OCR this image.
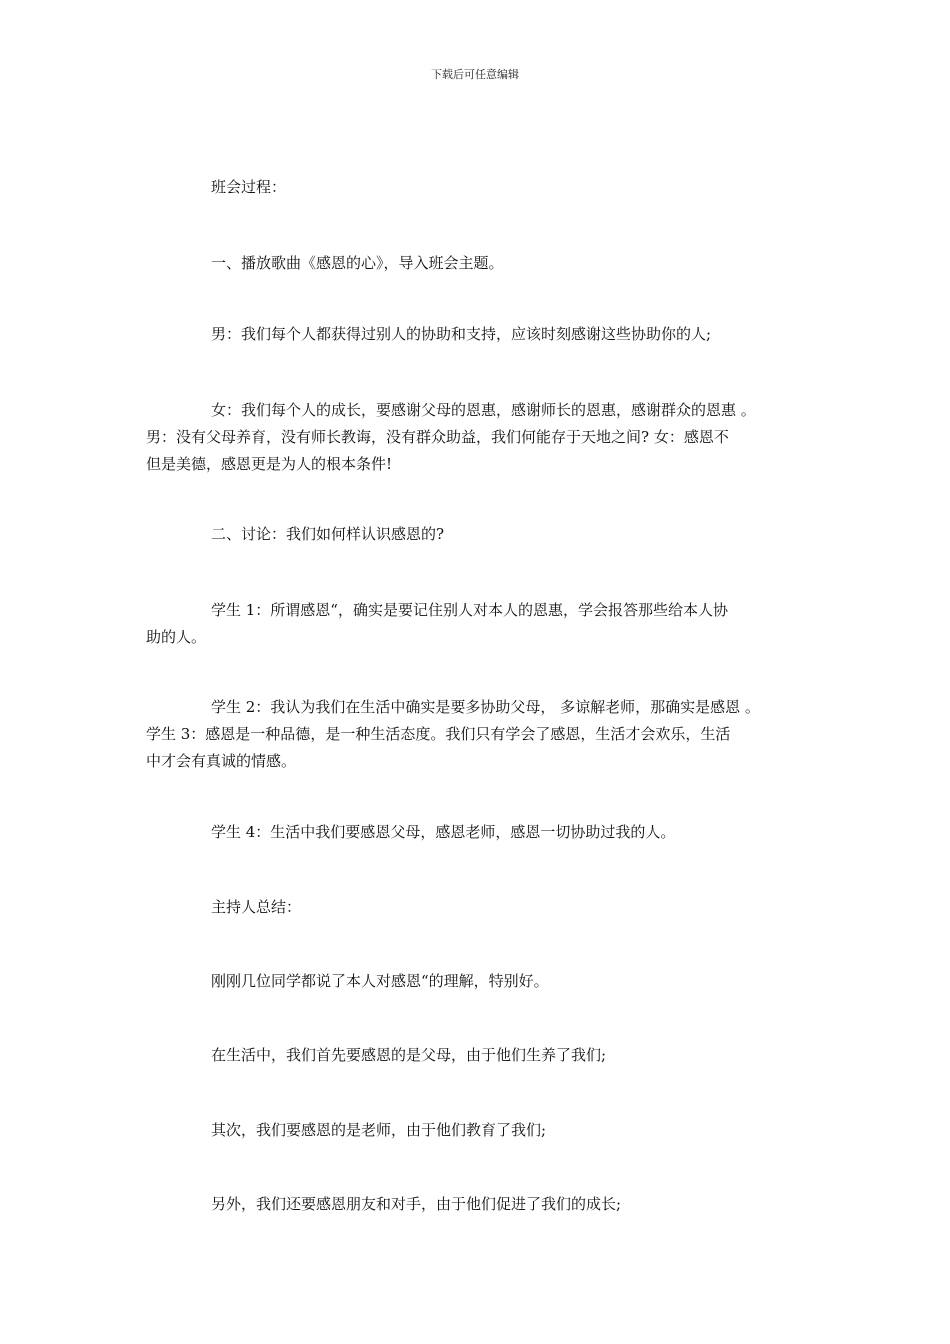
下载后可任意编辑

班会过程：

一、播放歌曲《感恩的心》，导入班会主题。

男：我们每个人都获得过别人的协助和支持，应该时刻感谢这些协助你的人;

女：我们每个人的成长，要感谢父母的恩惠，感谢师长的恩惠，感谢群众的恩惠 。
男：没有父母养育，没有师长教诲，没有群众助益，我们何能存于天地之间? 女：感恩不
但是美德，感恩更是为人的根本条件!

二、讨论：我们如何样认识感恩的?

学生 1：所谓感恩“，确实是要记住别人对本人的恩惠，学会报答那些给本人协
助的人。
学生 2：我认为我们在生活中确实是要多协助父母， 多谅解老师，那确实是感恩 。
学生 3：感恩是一种品德，是一种生活态度。我们只有学会了感恩，生活才会欢乐，生活
中才会有真诚的情感。

学生 4：生活中我们要感恩父母，感恩老师，感恩一切协助过我的人。

主持人总结：

刚刚几位同学都说了本人对感恩“的理解，特别好。

在生活中，我们首先要感恩的是父母，由于他们生养了我们;

其次，我们要感恩的是老师，由于他们教育了我们;

另外，我们还要感恩朋友和对手，由于他们促进了我们的成长;
